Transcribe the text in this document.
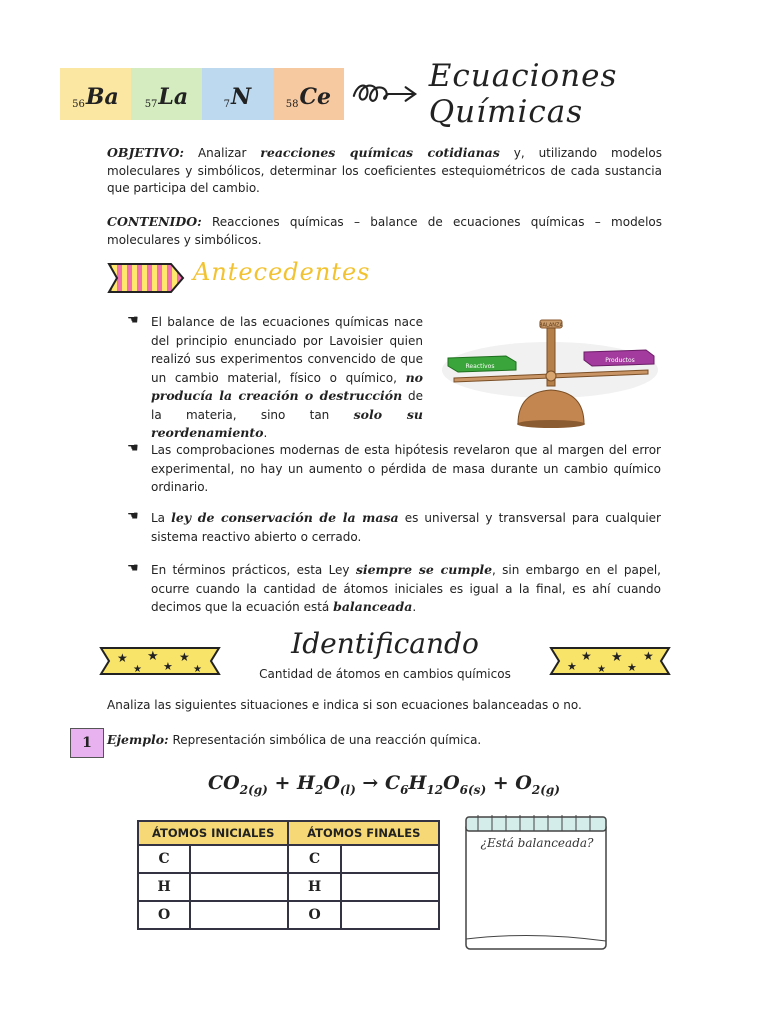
56 Ba	57 La	7 N	58 Ce
Ecuaciones Químicas
OBJETIVO: Analizar reacciones químicas cotidianas y, utilizando modelos moleculares y simbólicos, determinar los coeficientes estequiométricos de cada sustancia que participa del cambio.
CONTENIDO: Reacciones químicas – balance de ecuaciones químicas – modelos moleculares y simbólicos.
Antecedentes
☚	El balance de las ecuaciones químicas nace del principio enunciado por Lavoisier quien realizó sus experimentos convencido de que un cambio material, físico o químico, no producía la creación o destrucción de la materia, sino tan solo su reordenamiento.
BALANZA
Reactivos
Productos
☚	Las comprobaciones modernas de esta hipótesis revelaron que al margen del error experimental, no hay un aumento o pérdida de masa durante un cambio químico ordinario.
☚	La ley de conservación de la masa es universal y transversal para cualquier sistema reactivo abierto o cerrado.
☚	En términos prácticos, esta Ley siempre se cumple, sin embargo en el papel, ocurre cuando la cantidad de átomos iniciales es igual a la final, es ahí cuando decimos que la ecuación está balanceada.
★
★
★
★
★
★
Identificando
Cantidad de átomos en cambios químicos
★
★
★
★
★
★
Analiza las siguientes situaciones e indica si son ecuaciones balanceadas o no.
1	Ejemplo: Representación simbólica de una reacción química.
$CO_{2(g)} + H_2O_{(l)} \to C_6H_{12}O_{6(s)} + O_{2(g)}$
ÁTOMOS INICIALES		ÁTOMOS FINALES	
C		C	
H		H	
O		O	
¿Está balanceada?
